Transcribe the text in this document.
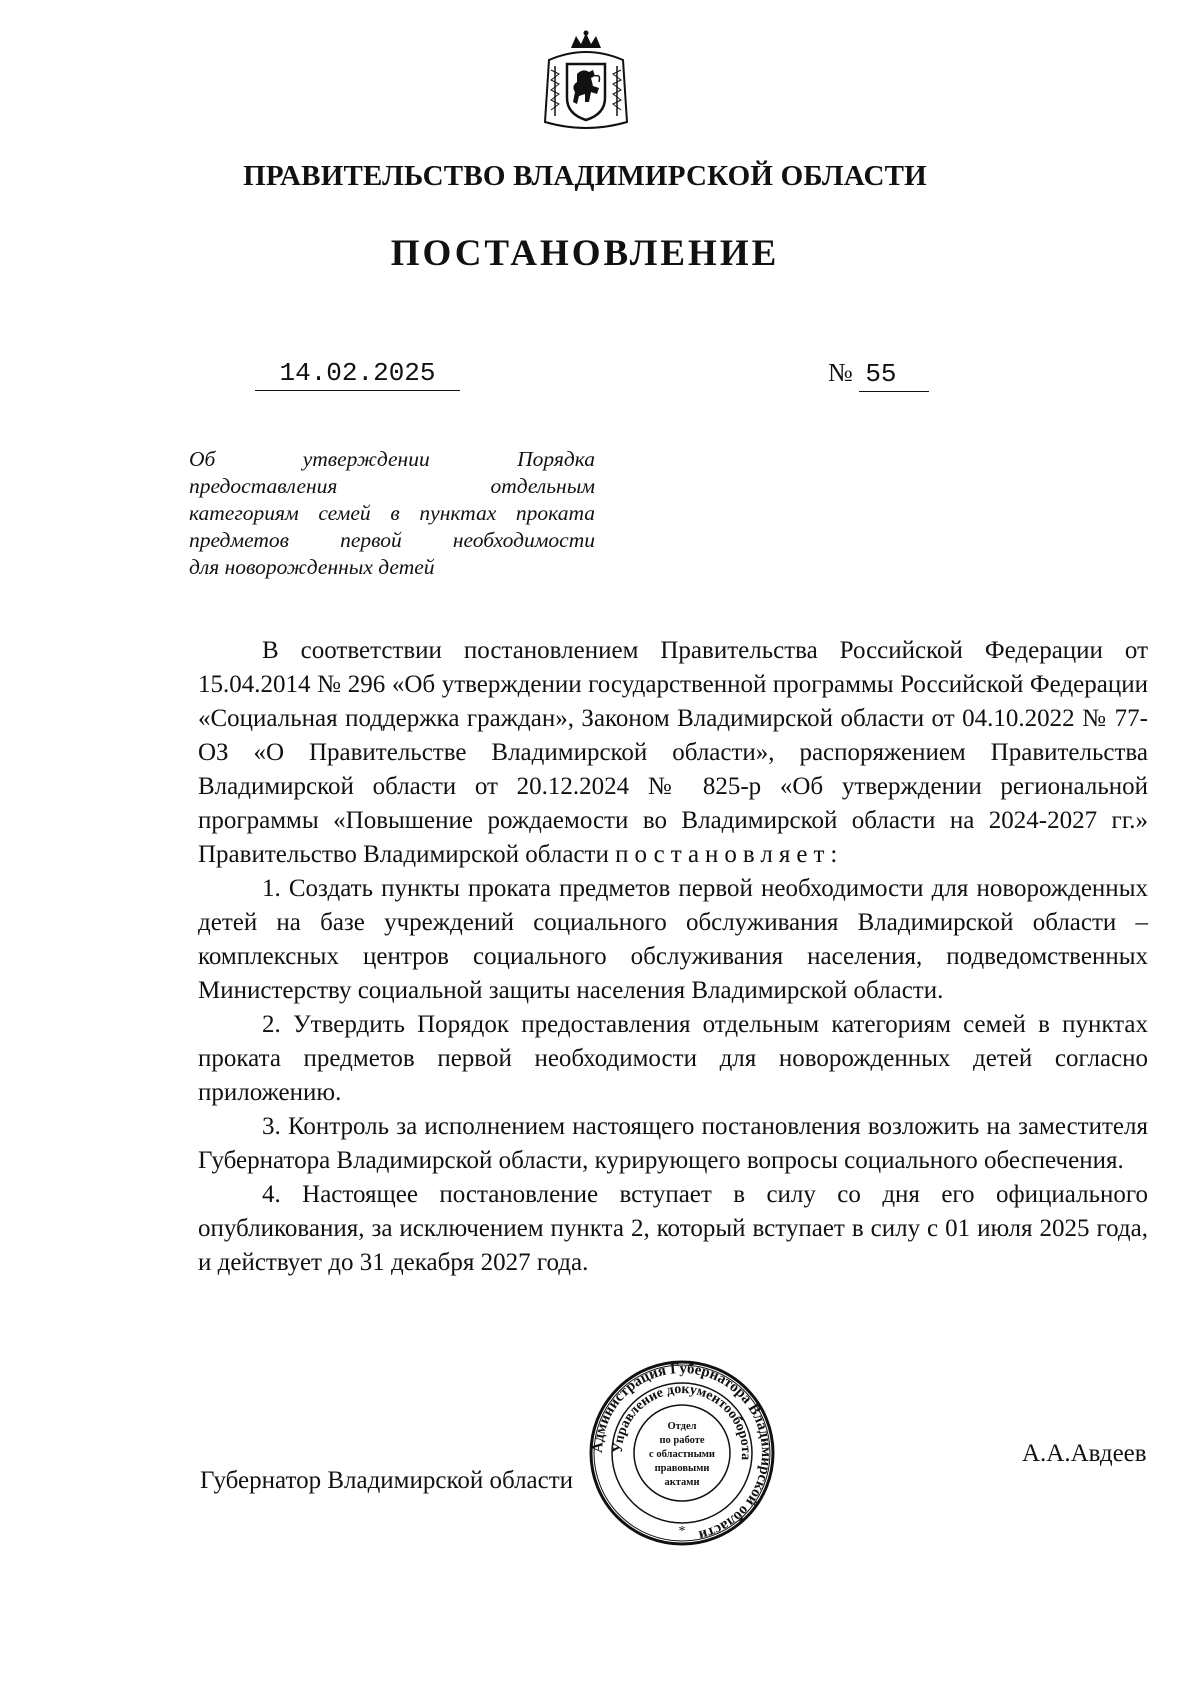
ПРАВИТЕЛЬСТВО ВЛАДИМИРСКОЙ ОБЛАСТИ
ПОСТАНОВЛЕНИЕ
14.02.2025	№ 55
Об утверждении Порядка
предоставления отдельным
категориям семей в пунктах проката
предметов первой необходимости
для новорожденных детей

В соответствии постановлением Правительства Российской Федерации от 15.04.2014 № 296 «Об утверждении государственной программы Российской Федерации «Социальная поддержка граждан», Законом Владимирской области от 04.10.2022 № 77-ОЗ «О Правительстве Владимирской области», распоряжением Правительства Владимирской области от 20.12.2024 № 825-р «Об утверждении региональной программы «Повышение рождаемости во Владимирской области на 2024-2027 гг.» Правительство Владимирской области постановляет:

1. Создать пункты проката предметов первой необходимости для новорожденных детей на базе учреждений социального обслуживания Владимирской области – комплексных центров социального обслуживания населения, подведомственных Министерству социальной защиты населения Владимирской области.

2. Утвердить Порядок предоставления отдельным категориям семей в пунктах проката предметов первой необходимости для новорожденных детей согласно приложению.

3. Контроль за исполнением настоящего постановления возложить на заместителя Губернатора Владимирской области, курирующего вопросы социального обеспечения.

4. Настоящее постановление вступает в силу со дня его официального опубликования, за исключением пункта 2, который вступает в силу с 01 июля 2025 года, и действует до 31 декабря 2027 года.

Губернатор Владимирской области
А.А.Авдеев
Администрация Губернатора Владимирской области
Управление документооборота
Отдел
по работе
с областными
правовыми
актами
*
